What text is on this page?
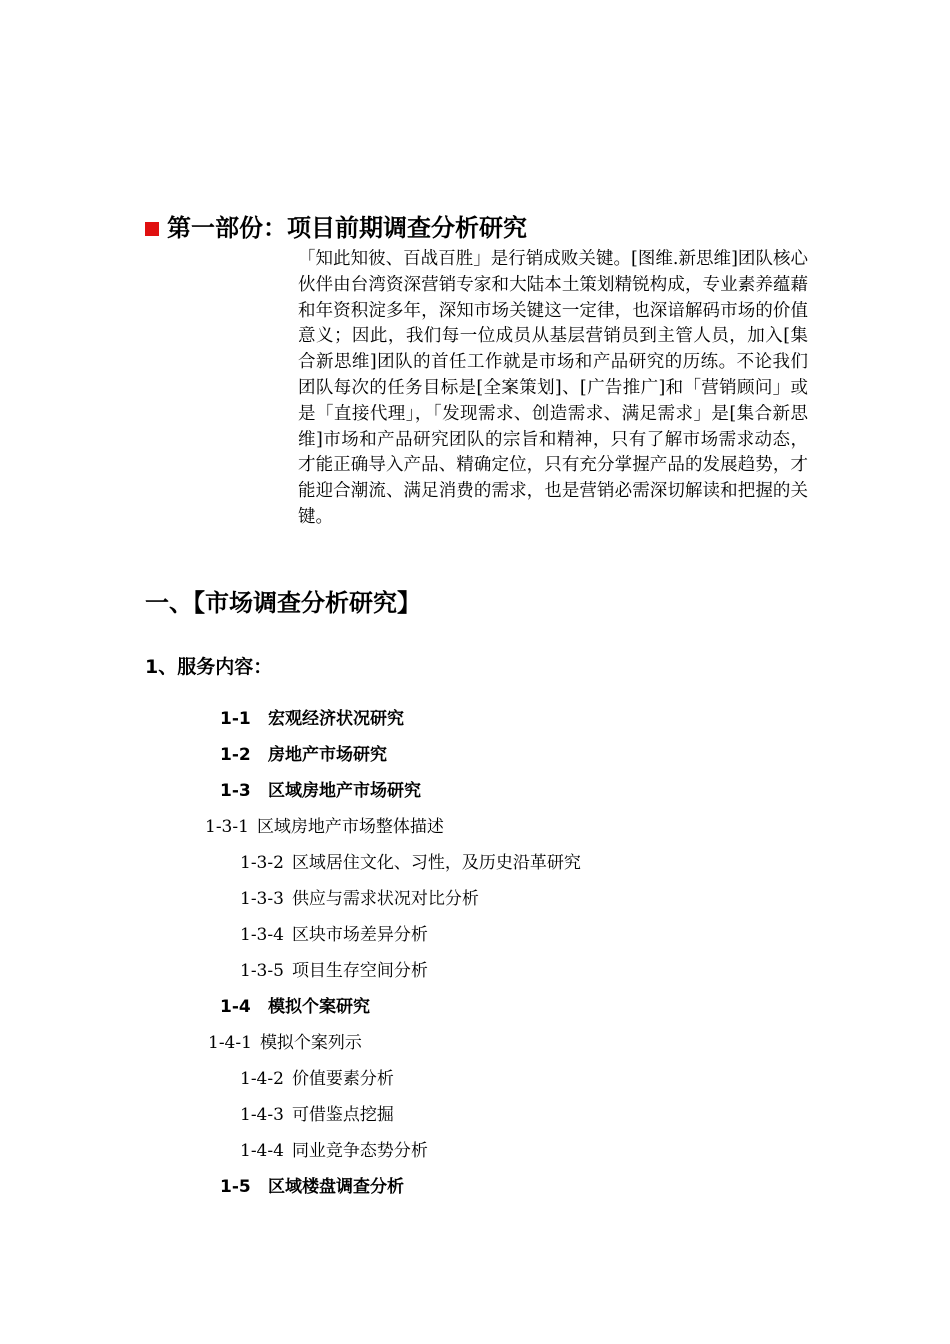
第一部份：项目前期调查分析研究
「知此知彼、百战百胜」是行销成败关键。[图维.新思维]团队核心伙伴由台湾资深营销专家和大陆本土策划精锐构成，专业素养蕴藉和年资积淀多年，深知市场关键这一定律，也深谙解码市场的价值意义；因此，我们每一位成员从基层营销员到主管人员，加入[集合新思维]团队的首任工作就是市场和产品研究的历练。不论我们团队每次的任务目标是[全案策划]、[广告推广]和「营销顾问」或是「直接代理」，「发现需求、创造需求、满足需求」是[集合新思维]市场和产品研究团队的宗旨和精神，只有了解市场需求动态，才能正确导入产品、精确定位，只有充分掌握产品的发展趋势，才能迎合潮流、满足消费的需求，也是营销必需深切解读和把握的关键。
一、【市场调查分析研究】
1、服务内容：
1-1 宏观经济状况研究
1-2 房地产市场研究
1-3 区域房地产市场研究
1-3-1 区域房地产市场整体描述
1-3-2 区域居住文化、习性，及历史沿革研究
1-3-3 供应与需求状况对比分析
1-3-4 区块市场差异分析
1-3-5 项目生存空间分析
1-4 模拟个案研究
1-4-1 模拟个案列示
1-4-2 价值要素分析
1-4-3 可借鉴点挖掘
1-4-4 同业竞争态势分析
1-5 区域楼盘调查分析
